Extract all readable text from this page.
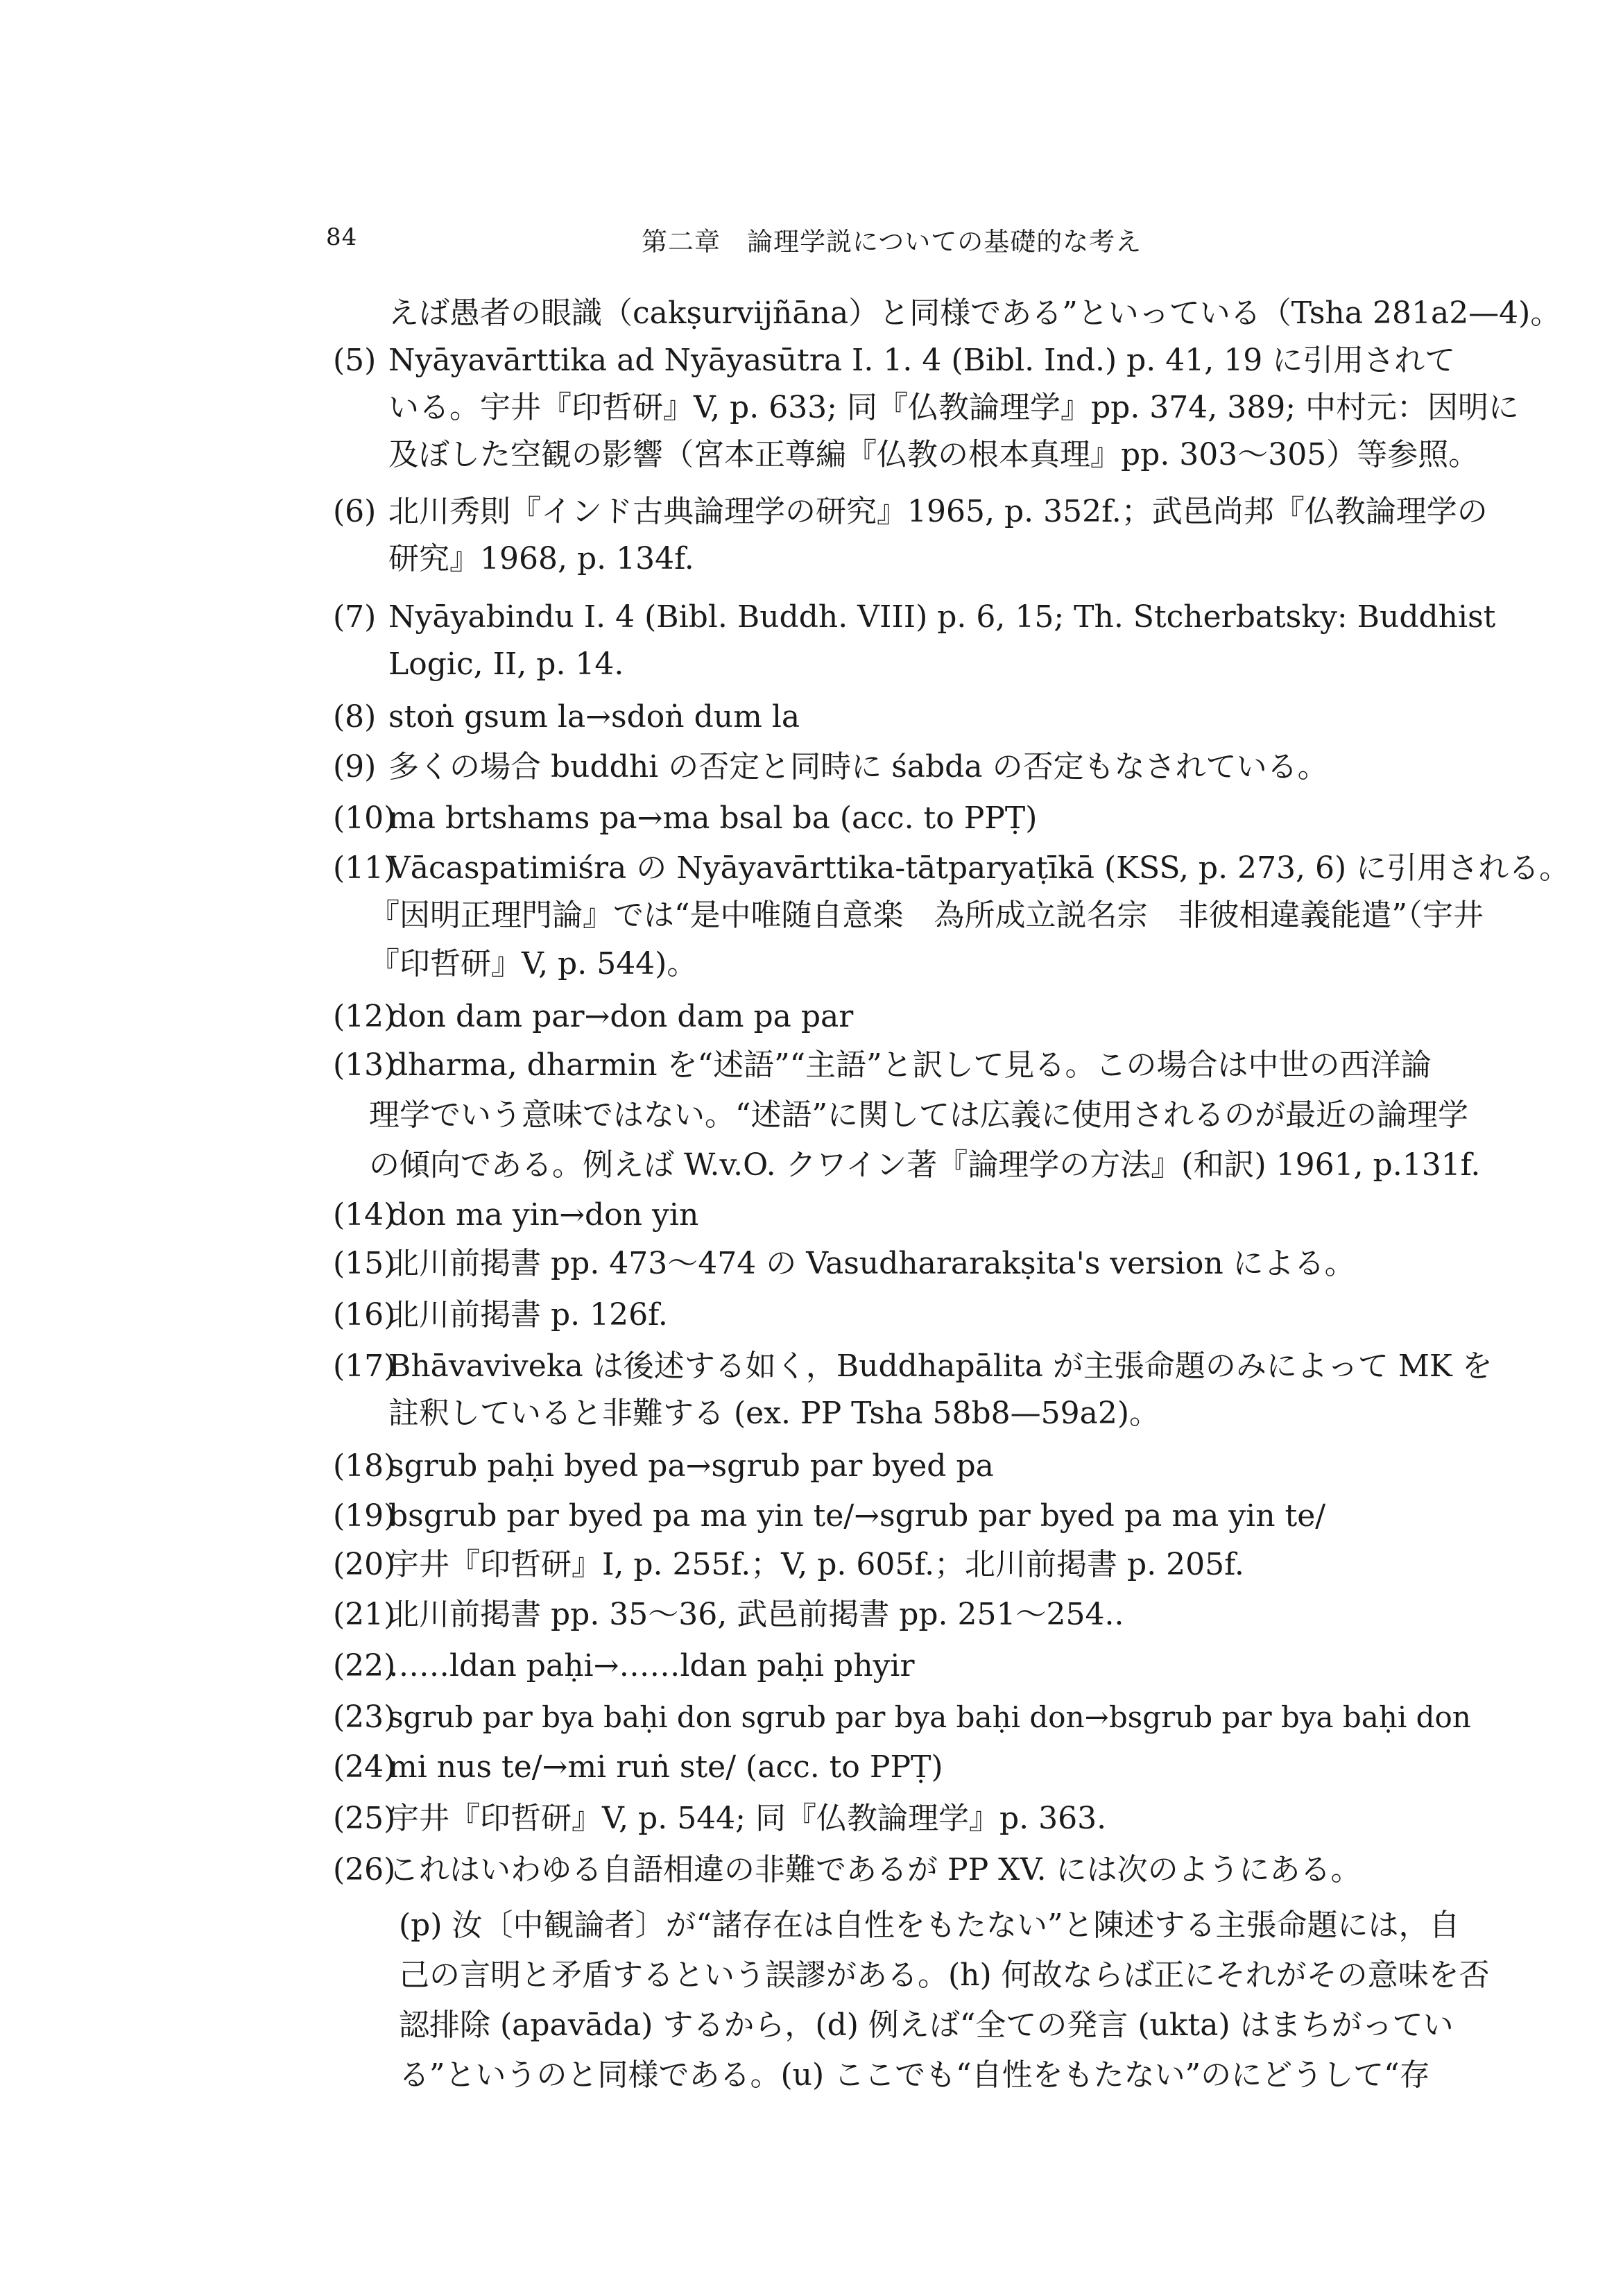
84	第二章　論理学説についての基礎的な考え
えば愚者の眼識（cakṣurvijñāna）と同様である”といっている（Tsha 281a2—4)。
(5) Nyāyavārttika ad Nyāyasūtra I. 1. 4 (Bibl. Ind.) p. 41, 19 に引用されて
いる。宇井『印哲研』V, p. 633; 同『仏教論理学』pp. 374, 389; 中村元：因明に
及ぼした空観の影響（宮本正尊編『仏教の根本真理』pp. 303〜305）等参照。
(6) 北川秀則『インド古典論理学の研究』1965, p. 352f.；武邑尚邦『仏教論理学の
研究』1968, p. 134f.
(7) Nyāyabindu I. 4 (Bibl. Buddh. VIII) p. 6, 15; Th. Stcherbatsky: Buddhist
Logic, II, p. 14.
(8) stoṅ gsum la→sdoṅ dum la
(9) 多くの場合 buddhi の否定と同時に śabda の否定もなされている。
(10)
ma brtshams pa→ma bsal ba (acc. to PPṬ)
(11)
Vācaspatimiśra の Nyāyavārttika-tātparyaṭīkā (KSS, p. 273, 6) に引用される。
『因明正理門論』では“是中唯随自意楽　為所成立説名宗　非彼相違義能遣”（宇井
『印哲研』V, p. 544)。
(12)
don dam par→don dam pa par
(13)
dharma, dharmin を“述語”“主語”と訳して見る。この場合は中世の西洋論
理学でいう意味ではない。“述語”に関しては広義に使用されるのが最近の論理学
の傾向である。例えば W.v.O. クワイン著『論理学の方法』(和訳) 1961, p.131f.
(14)
don ma yin→don yin
(15)
北川前掲書 pp. 473〜474 の Vasudhararakṣita's version による。
(16)
北川前掲書 p. 126f.
(17)
Bhāvaviveka は後述する如く，Buddhapālita が主張命題のみによって MK を
註釈していると非難する (ex. PP Tsha 58b8—59a2)。
(18)
sgrub paḥi byed pa→sgrub par byed pa
(19)
bsgrub par byed pa ma yin te/→sgrub par byed pa ma yin te/
(20)
宇井『印哲研』I, p. 255f.；V, p. 605f.；北川前掲書 p. 205f.
(21)
北川前掲書 pp. 35〜36, 武邑前掲書 pp. 251〜254..
(22)
……ldan paḥi→……ldan paḥi phyir
(23)
sgrub par bya baḥi don sgrub par bya baḥi don→bsgrub par bya baḥi don
(24)
mi nus te/→mi ruṅ ste/ (acc. to PPṬ)
(25)
宇井『印哲研』V, p. 544; 同『仏教論理学』p. 363.
(26)
これはいわゆる自語相違の非難であるが PP XV. には次のようにある。
(p) 汝〔中観論者〕が“諸存在は自性をもたない”と陳述する主張命題には，自
己の言明と矛盾するという誤謬がある。(h) 何故ならば正にそれがその意味を否
認排除 (apavāda) するから，(d) 例えば“全ての発言 (ukta) はまちがってい
る”というのと同様である。(u) ここでも“自性をもたない”のにどうして“存
